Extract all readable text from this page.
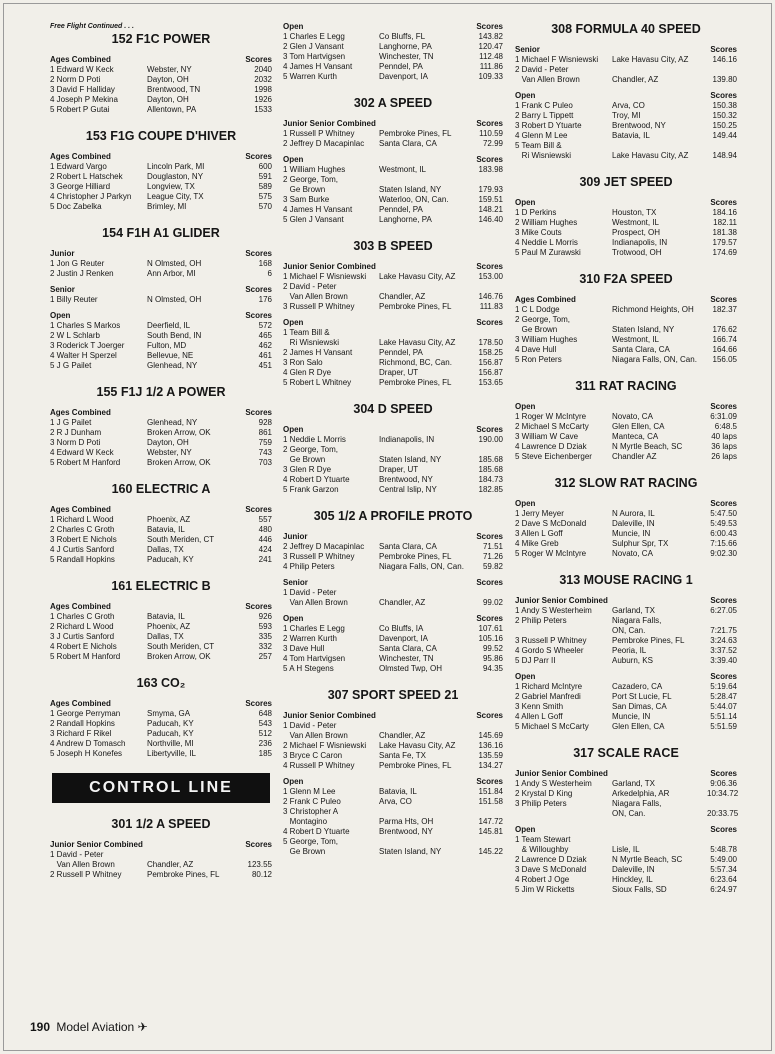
Free Flight Continued . . .
152 F1C POWER
Ages Combined	Scores
1 Edward W Keck	Webster, NY	2040
2 Norm D Poti	Dayton, OH	2032
3 David F Halliday	Brentwood, TN	1998
4 Joseph P Mekina	Dayton, OH	1926
5 Robert P Gutai	Allentown, PA	1533
153 F1G COUPE D'HIVER
Ages Combined	Scores
1 Edward Vargo	Lincoln Park, MI	600
2 Robert L Hatschek	Douglaston, NY	591
3 George Hilliard	Longview, TX	589
4 Christopher J Parkyn	League City, TX	575
5 Doc Zabelka	Brimley, MI	570
154 F1H A1 GLIDER
Junior	Scores
1 Jon G Reuter	N Olmsted, OH	168
2 Justin J Renken	Ann Arbor, MI	6
Senior	Scores
1 Billy Reuter	N Olmsted, OH	176
Open	Scores
1 Charles S Markos	Deerfield, IL	572
2 W L Schlarb	South Bend, IN	465
3 Roderick T Joerger	Fulton, MD	462
4 Walter H Sperzel	Bellevue, NE	461
5 J G Pailet	Glenhead, NY	451
155 F1J 1/2 A POWER
Ages Combined	Scores
1 J G Pailet	Glenhead, NY	928
2 R J Dunham	Broken Arrow, OK	861
3 Norm D Poti	Dayton, OH	759
4 Edward W Keck	Webster, NY	743
5 Robert M Hanford	Broken Arrow, OK	703
160 ELECTRIC A
Ages Combined	Scores
1 Richard L Wood	Phoenix, AZ	557
2 Charles C Groth	Batavia, IL	480
3 Robert E Nichols	South Meriden, CT	446
4 J Curtis Sanford	Dallas, TX	424
5 Randall Hopkins	Paducah, KY	241
161 ELECTRIC B
Ages Combined	Scores
1 Charles C Groth	Batavia, IL	926
2 Richard L Wood	Phoenix, AZ	593
3 J Curtis Sanford	Dallas, TX	335
4 Robert E Nichols	South Meriden, CT	332
5 Robert M Hanford	Broken Arrow, OK	257
163 CO₂
Ages Combined	Scores
1 George Perryman	Smyma, GA	648
2 Randall Hopkins	Paducah, KY	543
3 Richard F Rikel	Paducah, KY	512
4 Andrew D Tomasch	Northville, MI	236
5 Joseph H Konefes	Libertyville, IL	185
CONTROL LINE
301 1/2 A SPEED
Junior Senior Combined	Scores
1 David - Peter
Van Allen Brown	Chandler, AZ	123.55
2 Russell P Whitney	Pembroke Pines, FL	80.12
Open	Scores
1 Charles E Legg	Co Bluffs, FL	143.82
2 Glen J Vansant	Langhorne, PA	120.47
3 Tom Hartvigsen	Winchester, TN	112.48
4 James H Vansant	Penndel, PA	111.86
5 Warren Kurth	Davenport, IA	109.33
302 A SPEED
Junior Senior Combined	Scores
1 Russell P Whitney	Pembroke Pines, FL	110.59
2 Jeffrey D Macapinlac	Santa Clara, CA	72.99
Open	Scores
1 William Hughes	Westmont, IL	183.98
2 George, Tom,
Ge Brown	Staten Island, NY	179.93
3 Sam Burke	Waterloo, ON, Can.	159.51
4 James H Vansant	Penndel, PA	148.21
5 Glen J Vansant	Langhorne, PA	146.40
303 B SPEED
Junior Senior Combined	Scores
1 Michael F Wisniewski	Lake Havasu City, AZ	153.00
2 David - Peter
Van Allen Brown	Chandler, AZ	146.76
3 Russell P Whitney	Pembroke Pines, FL	111.83
Open	Scores
1 Team Bill &
Ri Wisniewski	Lake Havasu City, AZ	178.50
2 James H Vansant	Penndel, PA	158.25
3 Ron Salo	Richmond, BC, Can.	156.87
4 Glen R Dye	Draper, UT	156.87
5 Robert L Whitney	Pembroke Pines, FL	153.65
304 D SPEED
Open	Scores
1 Neddie L Morris	Indianapolis, IN	190.00
2 George, Tom,
Ge Brown	Staten Island, NY	185.68
3 Glen R Dye	Draper, UT	185.68
4 Robert D Ytuarte	Brentwood, NY	184.73
5 Frank Garzon	Central Islip, NY	182.85
305 1/2 A PROFILE PROTO
Junior	Scores
2 Jeffrey D Macapinlac	Santa Clara, CA	71.51
3 Russell P Whitney	Pembroke Pines, FL	71.26
4 Philip Peters	Niagara Falls, ON, Can.	59.82
Senior	Scores
1 David - Peter
Van Allen Brown	Chandler, AZ	99.02
Open	Scores
1 Charles E Legg	Co Bluffs, IA	107.61
2 Warren Kurth	Davenport, IA	105.16
3 Dave Hull	Santa Clara, CA	99.52
4 Tom Hartvigsen	Winchester, TN	95.86
5 A H Stegens	Olmsted Twp, OH	94.35
307 SPORT SPEED 21
Junior Senior Combined	Scores
1 David - Peter
Van Allen Brown	Chandler, AZ	145.69
2 Michael F Wisniewski	Lake Havasu City, AZ	136.16
3 Bryce C Caron	Santa Fe, TX	135.59
4 Russell P Whitney	Pembroke Pines, FL	134.27
Open	Scores
1 Glenn M Lee	Batavia, IL	151.84
2 Frank C Puleo	Arva, CO	151.58
3 Christopher A
Montagino	Parma Hts, OH	147.72
4 Robert D Ytuarte	Brentwood, NY	145.81
5 George, Tom,
Ge Brown	Staten Island, NY	145.22
308 FORMULA 40 SPEED
Senior	Scores
1 Michael F Wisniewski	Lake Havasu City, AZ	146.16
2 David - Peter
Van Allen Brown	Chandler, AZ	139.80
Open	Scores
1 Frank C Puleo	Arva, CO	150.38
2 Barry L Tippett	Troy, MI	150.32
3 Robert D Ytuarte	Brentwood, NY	150.25
4 Glenn M Lee	Batavia, IL	149.44
5 Team Bill &
Ri Wisniewski	Lake Havasu City, AZ	148.94
309 JET SPEED
Open	Scores
1 D Perkins	Houston, TX	184.16
2 William Hughes	Westmont, IL	182.11
3 Mike Couts	Prospect, OH	181.38
4 Neddie L Morris	Indianapolis, IN	179.57
5 Paul M Zurawski	Trotwood, OH	174.69
310 F2A SPEED
Ages Combined	Scores
1 C L Dodge	Richmond Heights, OH	182.37
2 George, Tom,
Ge Brown	Staten Island, NY	176.62
3 William Hughes	Westmont, IL	166.74
4 Dave Hull	Santa Clara, CA	164.66
5 Ron Peters	Niagara Falls, ON, Can.	156.05
311 RAT RACING
Open	Scores
1 Roger W McIntyre	Novato, CA	6:31.09
2 Michael S McCarty	Glen Ellen, CA	6:48.5
3 William W Cave	Manteca, CA	40 laps
4 Lawrence D Dziak	N Myrtle Beach, SC	36 laps
5 Steve Eichenberger	Chandler AZ	26 laps
312 SLOW RAT RACING
Open	Scores
1 Jerry Meyer	N Aurora, IL	5:47.50
2 Dave S McDonald	Daleville, IN	5:49.53
3 Allen L Goff	Muncie, IN	6:00.43
4 Mike Greb	Sulphur Spr, TX	7:15.66
5 Roger W McIntyre	Novato, CA	9:02.30
313 MOUSE RACING 1
Junior Senior Combined	Scores
1 Andy S Westerheim	Garland, TX	6:27.05
2 Philip Peters	Niagara Falls,
ON, Can.	7:21.75
3 Russell P Whitney	Pembroke Pines, FL	3:24.63
4 Gordo S Wheeler	Peoria, IL	3:37.52
5 DJ Parr II	Auburn, KS	3:39.40
Open	Scores
1 Richard McIntyre	Cazadero, CA	5:19.64
2 Gabriel Manfredi	Port St Lucie, FL	5:28.47
3 Kenn Smith	San Dimas, CA	5:44.07
4 Allen L Goff	Muncie, IN	5:51.14
5 Michael S McCarty	Glen Ellen, CA	5:51.59
317 SCALE RACE
Junior Senior Combined	Scores
1 Andy S Westerheim	Garland, TX	9:06.36
2 Krystal D King	Arkedelphia, AR	10:34.72
3 Philip Peters	Niagara Falls,
ON, Can.	20:33.75
Open	Scores
1 Team Stewart
& Willoughby	Lisle, IL	5:48.78
2 Lawrence D Dziak	N Myrtle Beach, SC	5:49.00
3 Dave S McDonald	Daleville, IN	5:57.34
4 Robert J Oge	Hinckley, IL	6:23.64
5 Jim W Ricketts	Sioux Falls, SD	6:24.97
190 Model Aviation ✈
